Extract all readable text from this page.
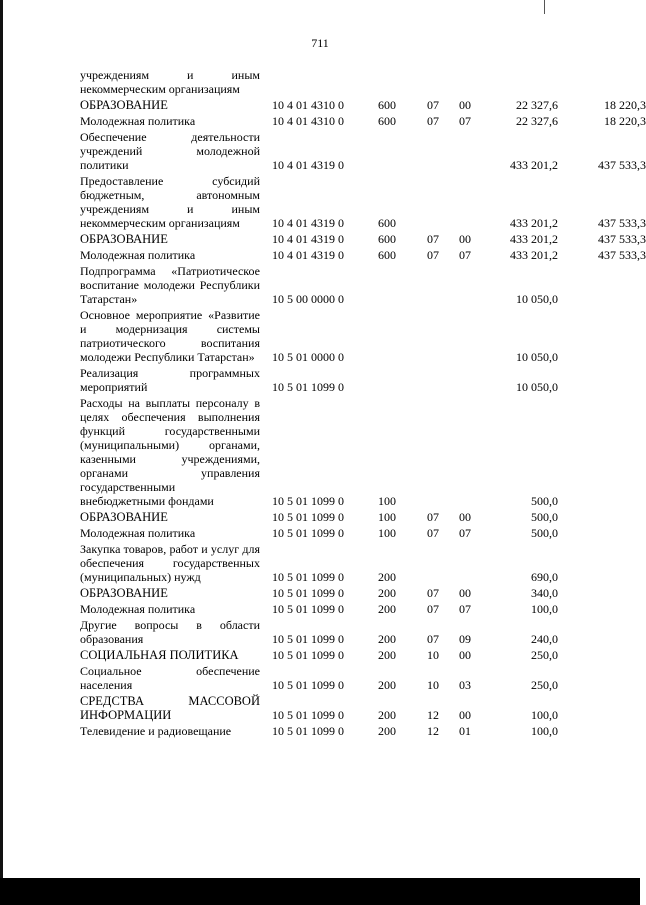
711
учреждениям и иным некоммерческим организациям						
ОБРАЗОВАНИЕ	10 4 01 4310 0	600	07	00	22 327,6	18 220,3
Молодежная политика	10 4 01 4310 0	600	07	07	22 327,6	18 220,3
Обеспечение деятельности учреждений молодежной политики	10 4 01 4319 0				433 201,2	437 533,3
Предоставление субсидий бюджетным, автономным учреждениям и иным некоммерческим организациям	10 4 01 4319 0	600			433 201,2	437 533,3
ОБРАЗОВАНИЕ	10 4 01 4319 0	600	07	00	433 201,2	437 533,3
Молодежная политика	10 4 01 4319 0	600	07	07	433 201,2	437 533,3
Подпрограмма «Патриотическое воспитание молодежи Республики Татарстан»	10 5 00 0000 0				10 050,0	
Основное мероприятие «Развитие и модернизация системы патриотического воспитания молодежи Республики Татарстан»	10 5 01 0000 0				10 050,0	
Реализация программных мероприятий	10 5 01 1099 0				10 050,0	
Расходы на выплаты персоналу в целях обеспечения выполнения функций государственными (муниципальными) органами, казенными учреждениями, органами управления государственными внебюджетными фондами	10 5 01 1099 0	100			500,0	
ОБРАЗОВАНИЕ	10 5 01 1099 0	100	07	00	500,0	
Молодежная политика	10 5 01 1099 0	100	07	07	500,0	
Закупка товаров, работ и услуг для обеспечения государственных (муниципальных) нужд	10 5 01 1099 0	200			690,0	
ОБРАЗОВАНИЕ	10 5 01 1099 0	200	07	00	340,0	
Молодежная политика	10 5 01 1099 0	200	07	07	100,0	
Другие вопросы в области образования	10 5 01 1099 0	200	07	09	240,0	
СОЦИАЛЬНАЯ ПОЛИТИКА	10 5 01 1099 0	200	10	00	250,0	
Социальное обеспечение населения	10 5 01 1099 0	200	10	03	250,0	
СРЕДСТВА МАССОВОЙ ИНФОРМАЦИИ	10 5 01 1099 0	200	12	00	100,0	
Телевидение и радиовещание	10 5 01 1099 0	200	12	01	100,0	
